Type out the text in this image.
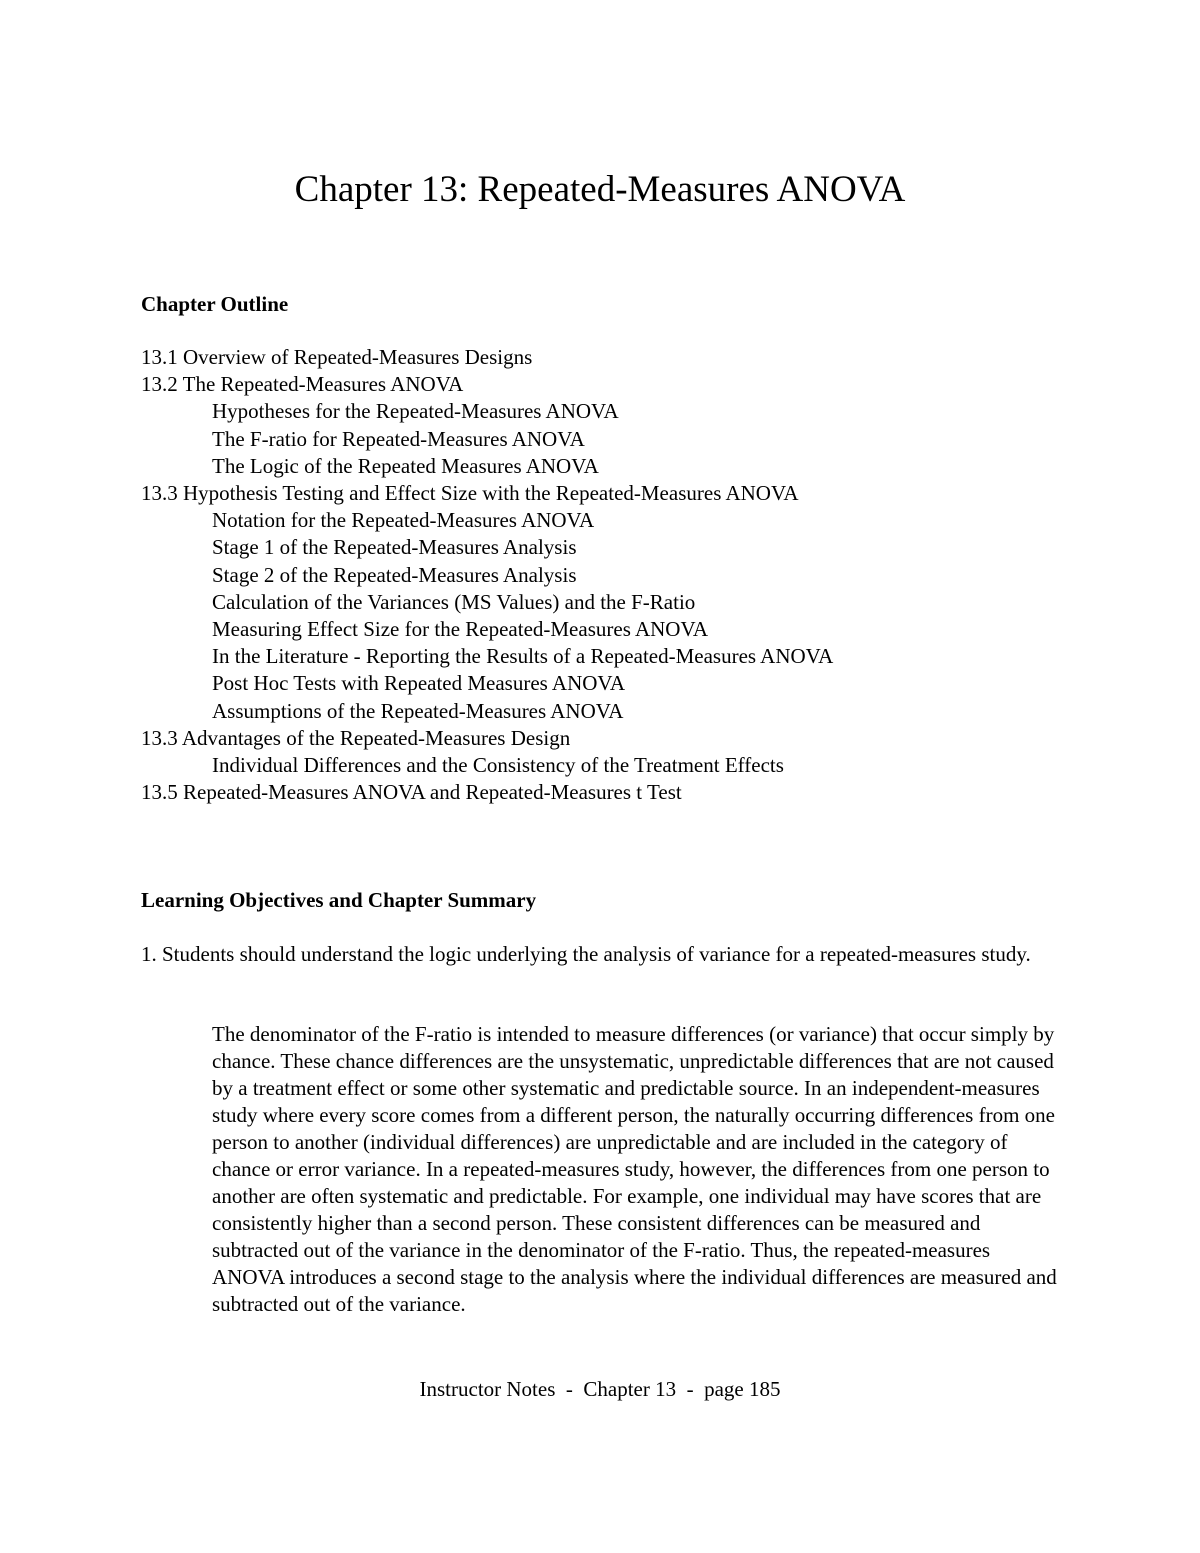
Chapter 13: Repeated-Measures ANOVA
Chapter Outline
13.1 Overview of Repeated-Measures Designs
13.2 The Repeated-Measures ANOVA
Hypotheses for the Repeated-Measures ANOVA
The F-ratio for Repeated-Measures ANOVA
The Logic of the Repeated Measures ANOVA
13.3 Hypothesis Testing and Effect Size with the Repeated-Measures ANOVA
Notation for the Repeated-Measures ANOVA
Stage 1 of the Repeated-Measures Analysis
Stage 2 of the Repeated-Measures Analysis
Calculation of the Variances (MS Values) and the F-Ratio
Measuring Effect Size for the Repeated-Measures ANOVA
In the Literature - Reporting the Results of a Repeated-Measures ANOVA
Post Hoc Tests with Repeated Measures ANOVA
Assumptions of the Repeated-Measures ANOVA
13.3 Advantages of the Repeated-Measures Design
Individual Differences and the Consistency of the Treatment Effects
13.5 Repeated-Measures ANOVA and Repeated-Measures t Test
Learning Objectives and Chapter Summary

1. Students should understand the logic underlying the analysis of variance for a repeated-measures study.

The denominator of the F-ratio is intended to measure differences (or variance) that occur simply by chance. These chance differences are the unsystematic, unpredictable differences that are not caused by a treatment effect or some other systematic and predictable source. In an independent-measures study where every score comes from a different person, the naturally occurring differences from one person to another (individual differences) are unpredictable and are included in the category of chance or error variance. In a repeated-measures study, however, the differences from one person to another are often systematic and predictable. For example, one individual may have scores that are consistently higher than a second person. These consistent differences can be measured and subtracted out of the variance in the denominator of the F-ratio. Thus, the repeated-measures ANOVA introduces a second stage to the analysis where the individual differences are measured and subtracted out of the variance.

Instructor Notes  -  Chapter 13  -  page 185
